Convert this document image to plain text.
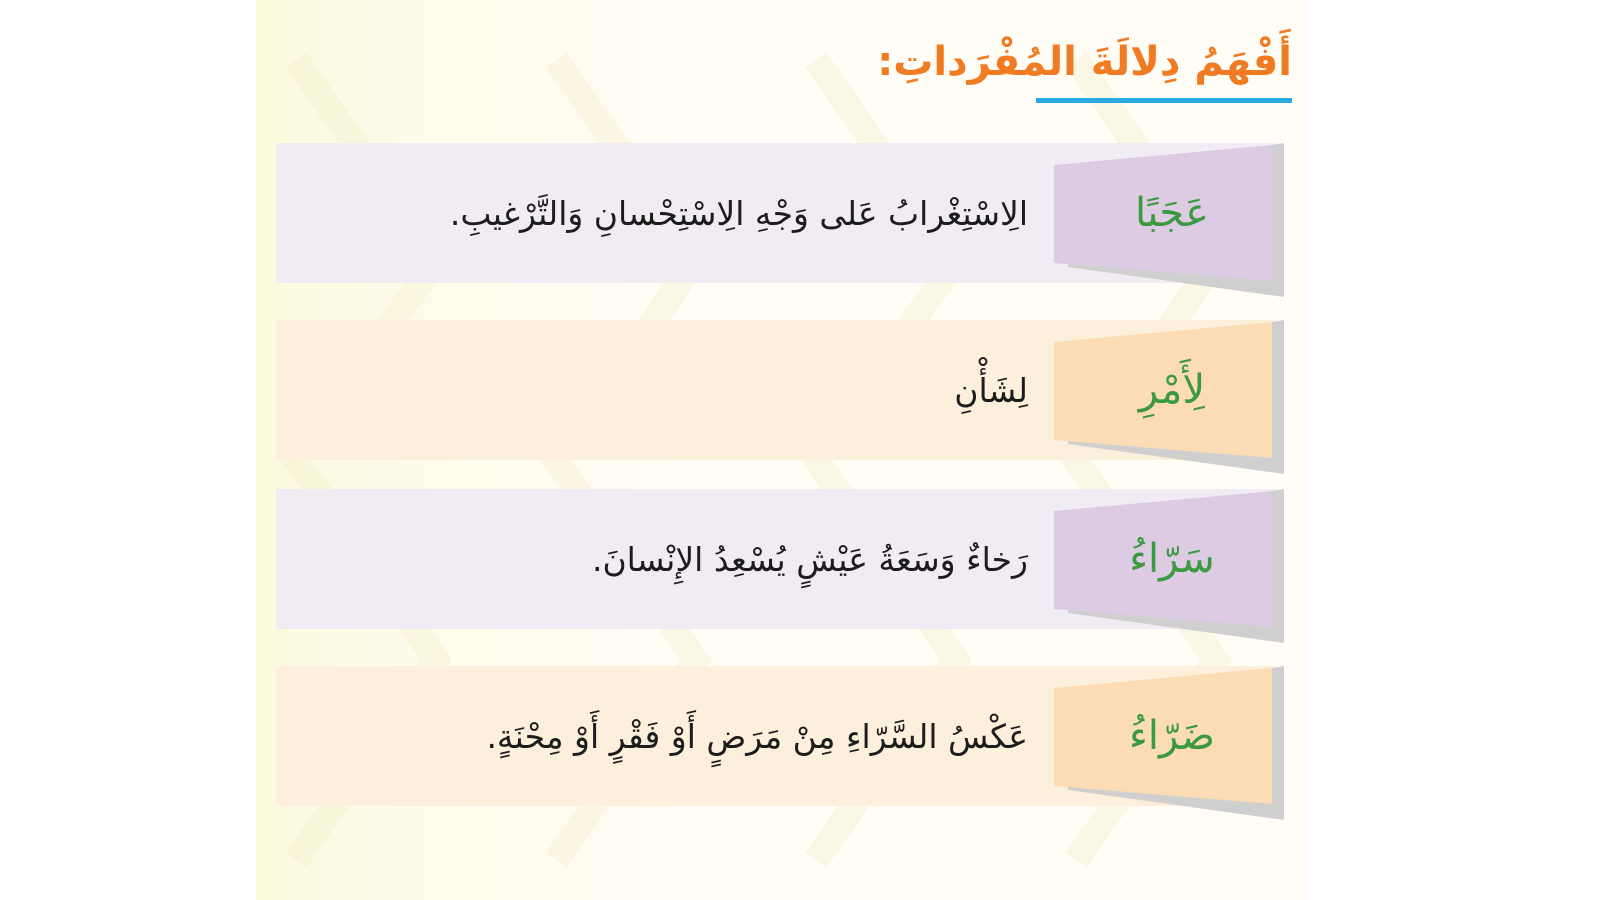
أَفْهَمُ دِلالَةَ المُفْرَداتِ:
عَجَبًا
الِاسْتِغْرابُ عَلى وَجْهِ الِاسْتِحْسانِ وَالتَّرْغيبِ.
لِأَمْرِ
لِشَأْنِ
سَرّاءُ
رَخاءٌ وَسَعَةُ عَيْشٍ يُسْعِدُ الإِنْسانَ.
ضَرّاءُ
عَكْسُ السَّرّاءِ مِنْ مَرَضٍ أَوْ فَقْرٍ أَوْ مِحْنَةٍ.
